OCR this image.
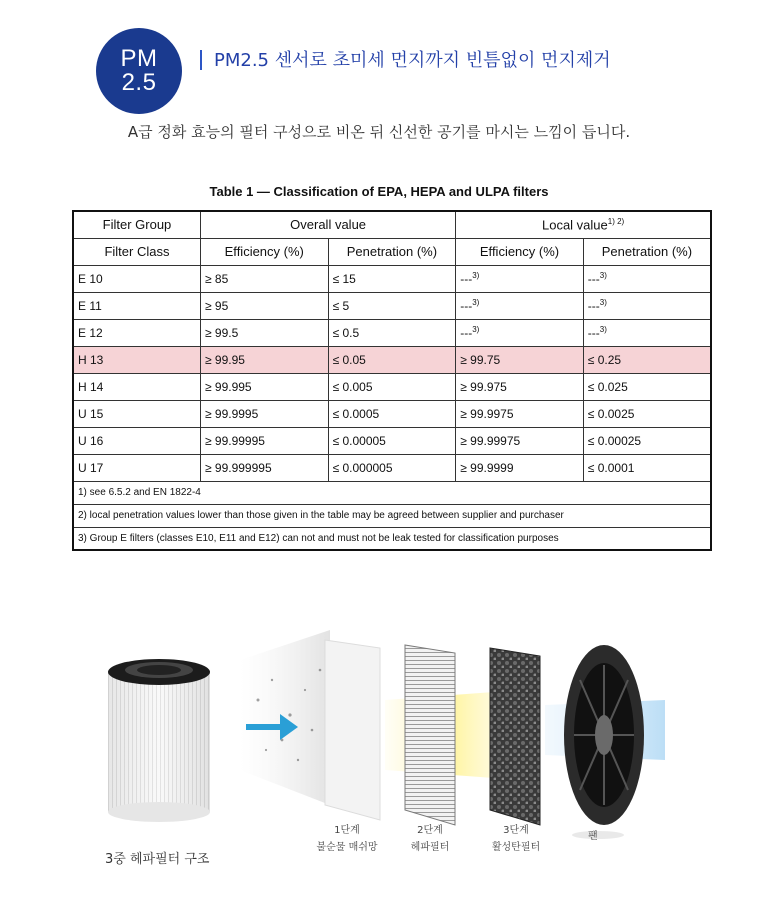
PM
2.5
PM2.5 센서로 초미세 먼지까지 빈틈없이 먼지제거
A급 정화 효능의 필터 구성으로 비온 뒤 신선한 공기를 마시는 느낌이 듭니다.
Table 1 — Classification of EPA, HEPA and ULPA filters
Filter Group	Overall value		Local value$^{1) 2)}$
Filter Class	Efficiency (%)	Penetration (%)	Efficiency (%)	Penetration (%)
E 10	≥ 85	≤ 15	---$^{3)}$	---$^{3)}$
E 11	≥ 95	≤ 5	---$^{3)}$	---$^{3)}$
E 12	≥ 99.5	≤ 0.5	---$^{3)}$	---$^{3)}$
H 13	≥ 99.95	≤ 0.05	≥ 99.75	≤ 0.25
H 14	≥ 99.995	≤ 0.005	≥ 99.975	≤ 0.025
U 15	≥ 99.9995	≤ 0.0005	≥ 99.9975	≤ 0.0025
U 16	≥ 99.99995	≤ 0.00005	≥ 99.99975	≤ 0.00025
U 17	≥ 99.999995	≤ 0.000005	≥ 99.9999	≤ 0.0001
1) see 6.5.2 and EN 1822-4				
2) local penetration values lower than those given in the table may be agreed between supplier and purchaser				
3) Group E filters (classes E10, E11 and E12) can not and must not be leak tested for classification purposes				
3중 헤파필터 구조
1단계
불순물 매쉬망
2단계
헤파필터
3단계
활성탄필터
팬
